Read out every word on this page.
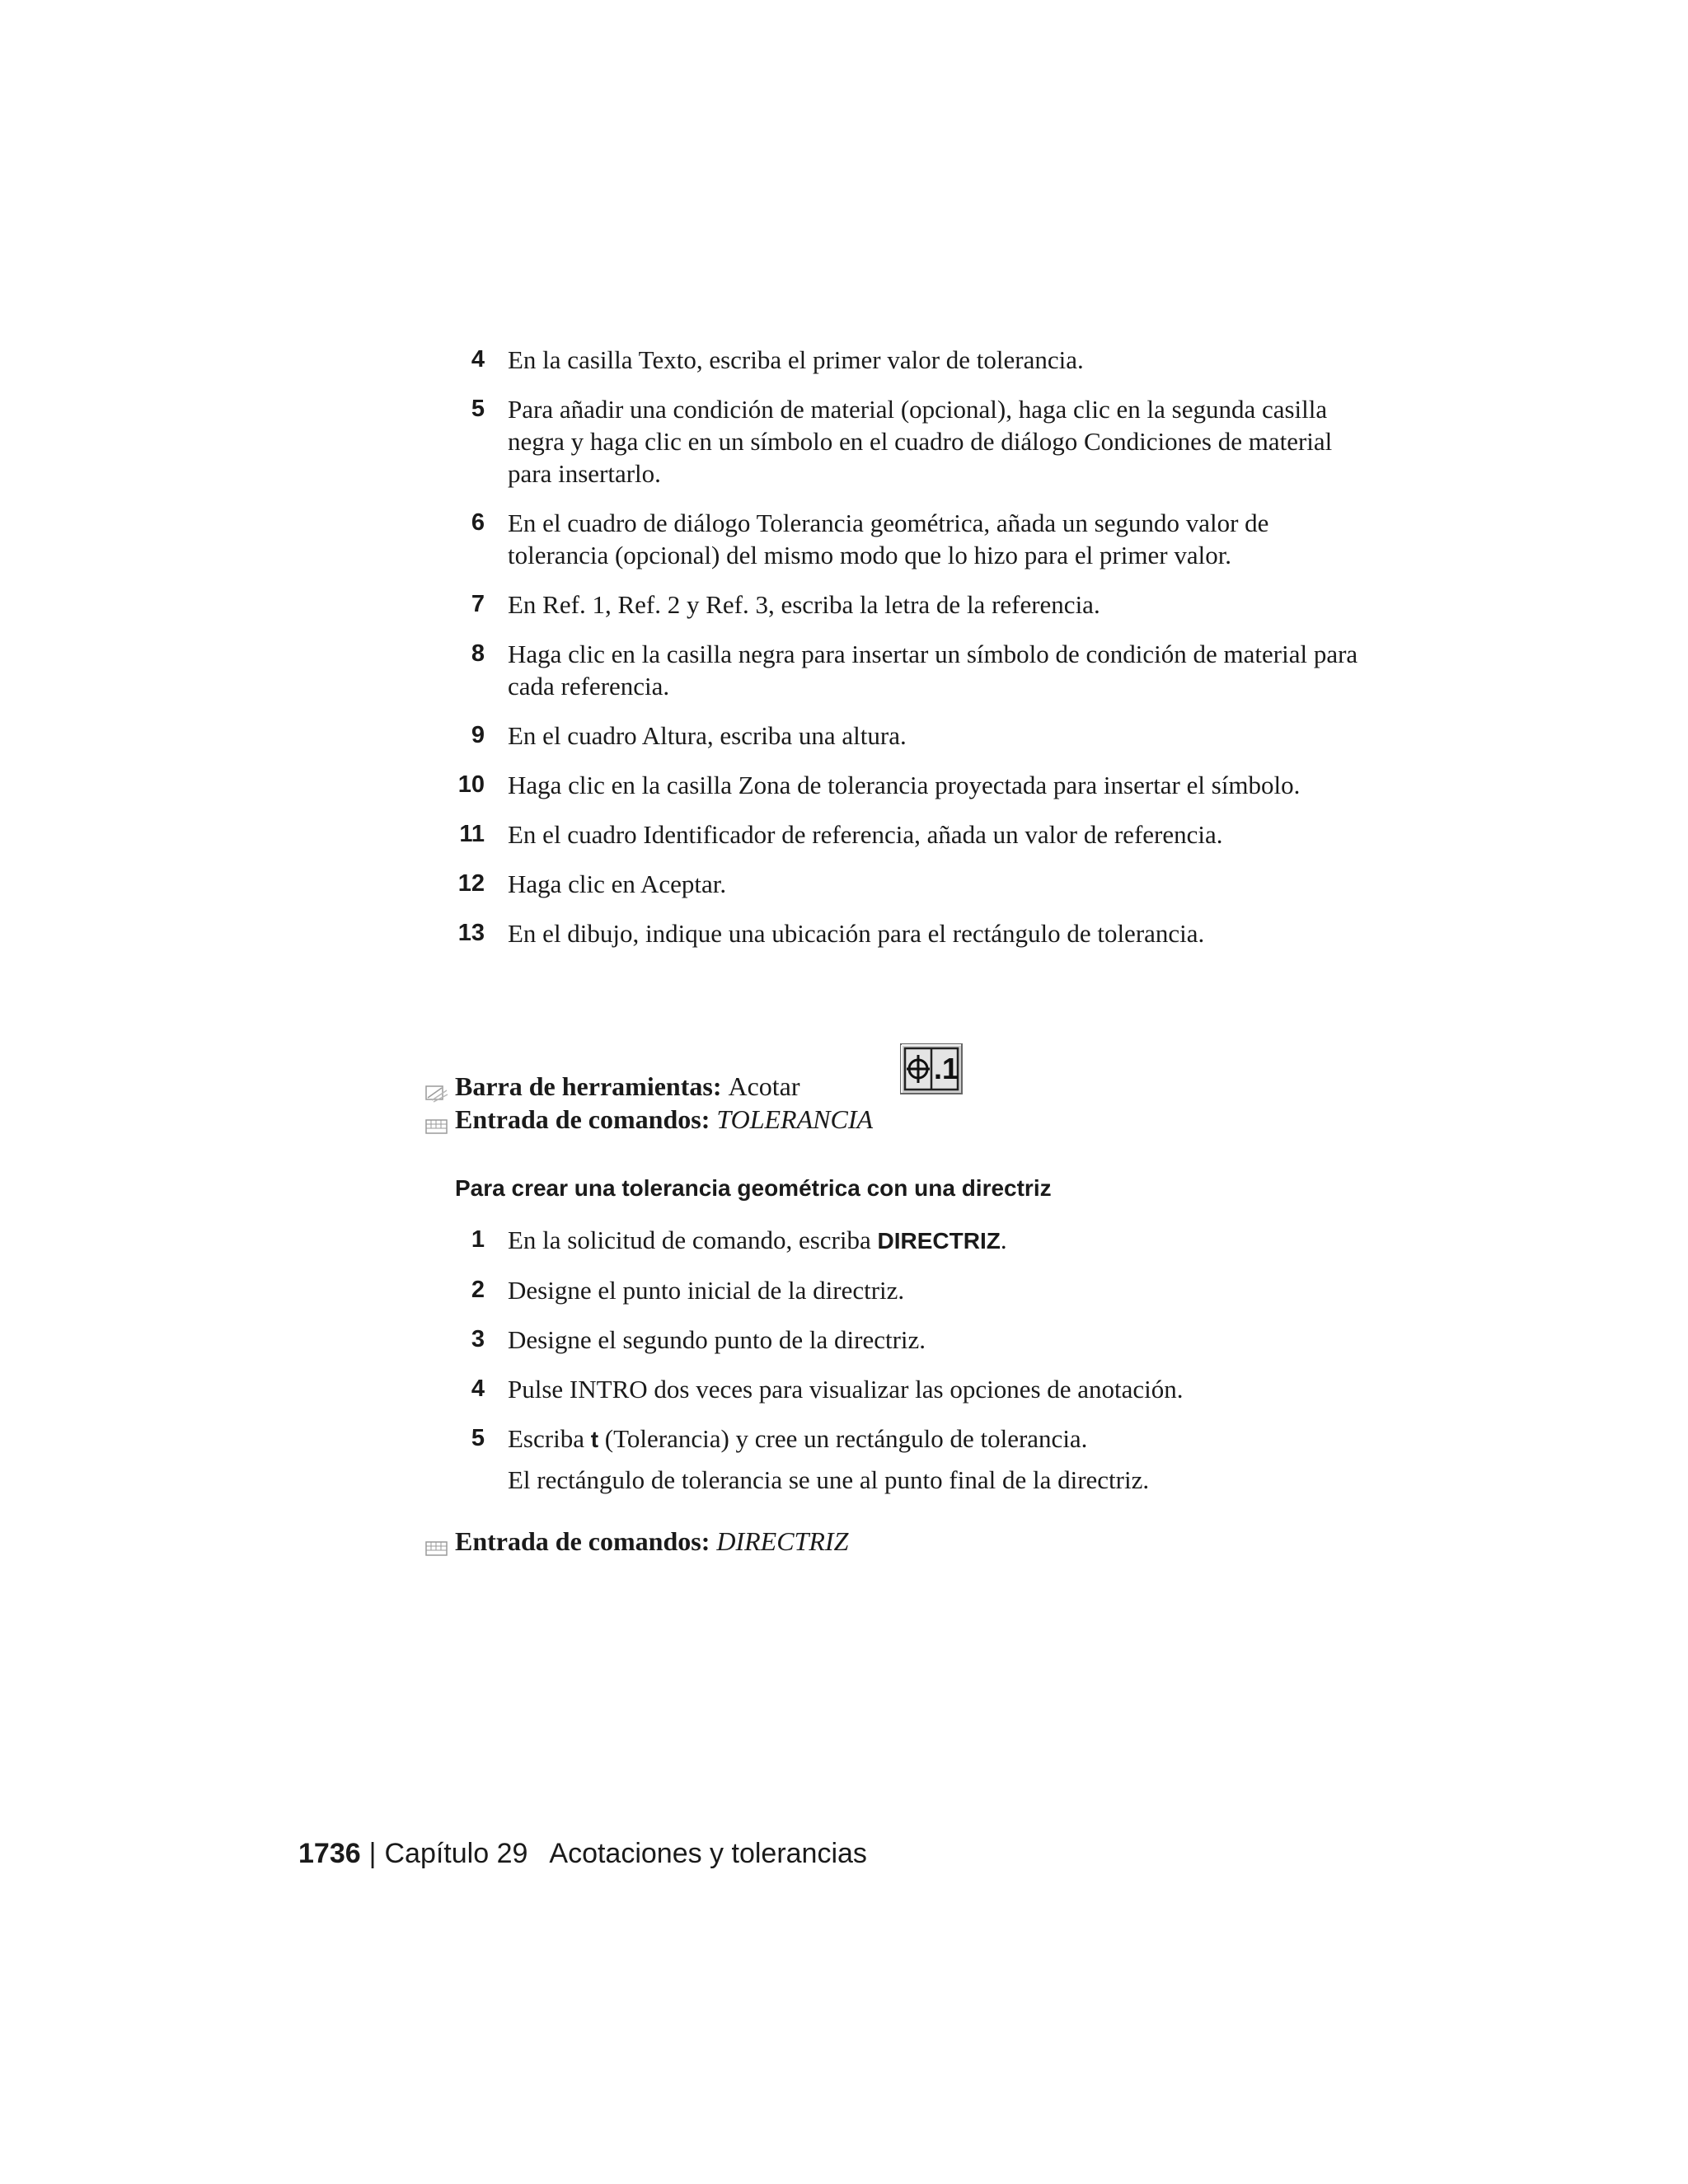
4 En la casilla Texto, escriba el primer valor de tolerancia.
5 Para añadir una condición de material (opcional), haga clic en la segunda casilla negra y haga clic en un símbolo en el cuadro de diálogo Condiciones de material para insertarlo.
6 En el cuadro de diálogo Tolerancia geométrica, añada un segundo valor de tolerancia (opcional) del mismo modo que lo hizo para el primer valor.
7 En Ref. 1, Ref. 2 y Ref. 3, escriba la letra de la referencia.
8 Haga clic en la casilla negra para insertar un símbolo de condición de material para cada referencia.
9 En el cuadro Altura, escriba una altura.
10 Haga clic en la casilla Zona de tolerancia proyectada para insertar el símbolo.
11 En el cuadro Identificador de referencia, añada un valor de referencia.
12 Haga clic en Aceptar.
13 En el dibujo, indique una ubicación para el rectángulo de tolerancia.
.1
Barra de herramientas: Acotar
Entrada de comandos: TOLERANCIA
Para crear una tolerancia geométrica con una directriz
1 En la solicitud de comando, escriba DIRECTRIZ.
2 Designe el punto inicial de la directriz.
3 Designe el segundo punto de la directriz.
4 Pulse INTRO dos veces para visualizar las opciones de anotación.
5 Escriba t (Tolerancia) y cree un rectángulo de tolerancia.
El rectángulo de tolerancia se une al punto final de la directriz.
Entrada de comandos: DIRECTRIZ
1736 | Capítulo 29 Acotaciones y tolerancias
